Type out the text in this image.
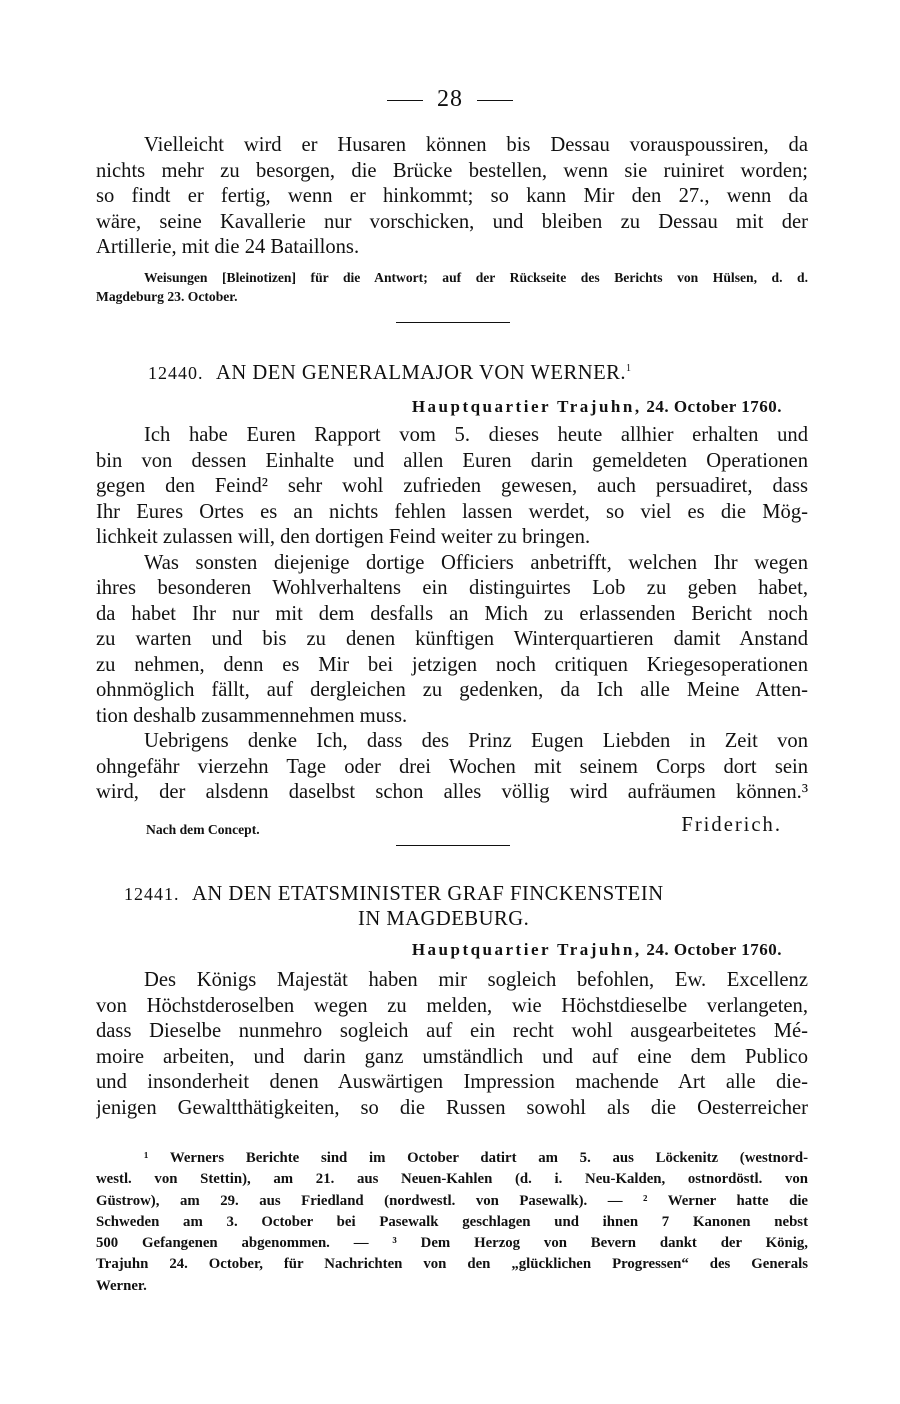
28

Vielleicht wird er Husaren können bis Dessau vorauspoussiren, da
nichts mehr zu besorgen, die Brücke bestellen, wenn sie ruiniret worden;
so findt er fertig, wenn er hinkommt; so kann Mir den 27., wenn da
wäre, seine Kavallerie nur vorschicken, und bleiben zu Dessau mit der
Artillerie, mit die 24 Bataillons.

Weisungen [Bleinotizen] für die Antwort; auf der Rückseite des Berichts von Hülsen, d. d.
Magdeburg 23. October.
12440. AN DEN GENERALMAJOR VON WERNER.$^1$
Hauptquartier Trajuhn, 24. October 1760.

Ich habe Euren Rapport vom 5. dieses heute allhier erhalten und
bin von dessen Einhalte und allen Euren darin gemeldeten Operationen
gegen den Feind² sehr wohl zufrieden gewesen, auch persuadiret, dass
Ihr Eures Ortes es an nichts fehlen lassen werdet, so viel es die Mög-
lichkeit zulassen will, den dortigen Feind weiter zu bringen.

Was sonsten diejenige dortige Officiers anbetrifft, welchen Ihr wegen
ihres besonderen Wohlverhaltens ein distinguirtes Lob zu geben habet,
da habet Ihr nur mit dem desfalls an Mich zu erlassenden Bericht noch
zu warten und bis zu denen künftigen Winterquartieren damit Anstand
zu nehmen, denn es Mir bei jetzigen noch critiquen Kriegesoperationen
ohnmöglich fällt, auf dergleichen zu gedenken, da Ich alle Meine Atten-
tion deshalb zusammennehmen muss.

Uebrigens denke Ich, dass des Prinz Eugen Liebden in Zeit von
ohngefähr vierzehn Tage oder drei Wochen mit seinem Corps dort sein
wird, der alsdenn daselbst schon alles völlig wird aufräumen können.³

Nach dem Concept.	Friderich.
12441. AN DEN ETATSMINISTER GRAF FINCKENSTEIN
IN MAGDEBURG.
Hauptquartier Trajuhn, 24. October 1760.

Des Königs Majestät haben mir sogleich befohlen, Ew. Excellenz
von Höchstderoselben wegen zu melden, wie Höchstdieselbe verlangeten,
dass Dieselbe nunmehro sogleich auf ein recht wohl ausgearbeitetes Mé-
moire arbeiten, und darin ganz umständlich und auf eine dem Publico
und insonderheit denen Auswärtigen Impression machende Art alle die-
jenigen Gewaltthätigkeiten, so die Russen sowohl als die Oesterreicher

¹ Werners Berichte sind im October datirt am 5. aus Löckenitz (westnord-
westl. von Stettin), am 21. aus Neuen-Kahlen (d. i. Neu-Kalden, ostnordöstl. von
Güstrow), am 29. aus Friedland (nordwestl. von Pasewalk). — ² Werner hatte die
Schweden am 3. October bei Pasewalk geschlagen und ihnen 7 Kanonen nebst
500 Gefangenen abgenommen. — ³ Dem Herzog von Bevern dankt der König,
Trajuhn 24. October, für Nachrichten von den „glücklichen Progressen“ des Generals
Werner.
